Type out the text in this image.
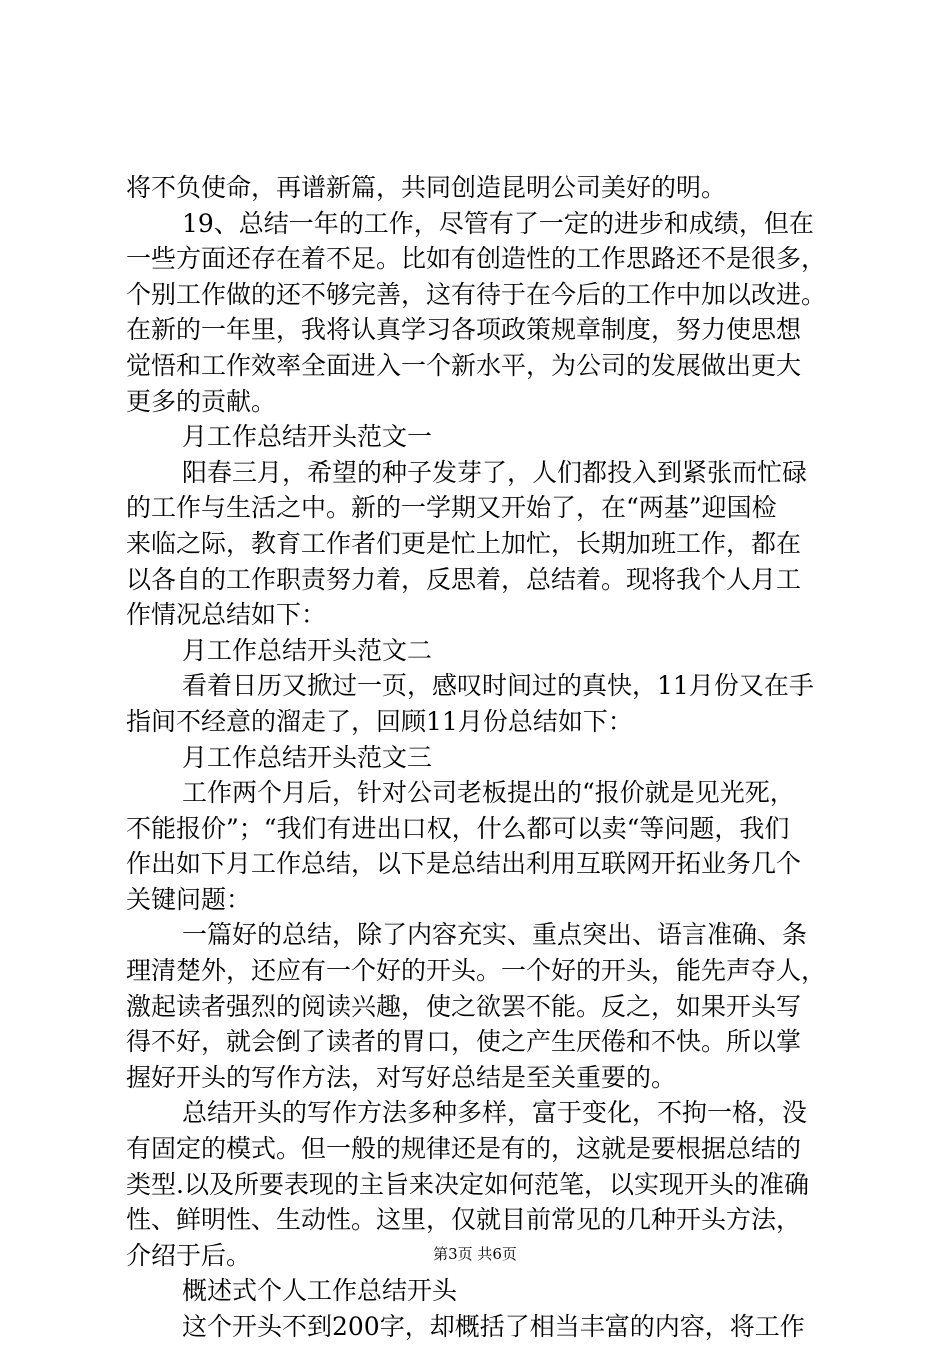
将不负使命，再谱新篇，共同创造昆明公司美好的明。
19、总结一年的工作，尽管有了一定的进步和成绩，但在
一些方面还存在着不足。比如有创造性的工作思路还不是很多，
个别工作做的还不够完善，这有待于在今后的工作中加以改进。
在新的一年里，我将认真学习各项政策规章制度，努力使思想
觉悟和工作效率全面进入一个新水平，为公司的发展做出更大
更多的贡献。
月工作总结开头范文一
阳春三月，希望的种子发芽了，人们都投入到紧张而忙碌
的工作与生活之中。新的一学期又开始了，在“两基”迎国检
来临之际，教育工作者们更是忙上加忙，长期加班工作，都在
以各自的工作职责努力着，反思着，总结着。现将我个人月工
作情况总结如下：
月工作总结开头范文二
看着日历又掀过一页，感叹时间过的真快，11月份又在手
指间不经意的溜走了，回顾11月份总结如下：
月工作总结开头范文三
工作两个月后，针对公司老板提出的“报价就是见光死，
不能报价”；“我们有进出口权，什么都可以卖“等问题，我们
作出如下月工作总结，以下是总结出利用互联网开拓业务几个
关键问题：
一篇好的总结，除了内容充实、重点突出、语言准确、条
理清楚外，还应有一个好的开头。一个好的开头，能先声夺人，
激起读者强烈的阅读兴趣，使之欲罢不能。反之，如果开头写
得不好，就会倒了读者的胃口，使之产生厌倦和不快。所以掌
握好开头的写作方法，对写好总结是至关重要的。
总结开头的写作方法多种多样，富于变化，不拘一格，没
有固定的模式。但一般的规律还是有的，这就是要根据总结的
类型.以及所要表现的主旨来决定如何范笔，以实现开头的准确
性、鲜明性、生动性。这里，仅就目前常见的几种开头方法，
介绍于后。
概述式个人工作总结开头
这个开头不到200字，却概括了相当丰富的内容，将工作
第3页 共6页
